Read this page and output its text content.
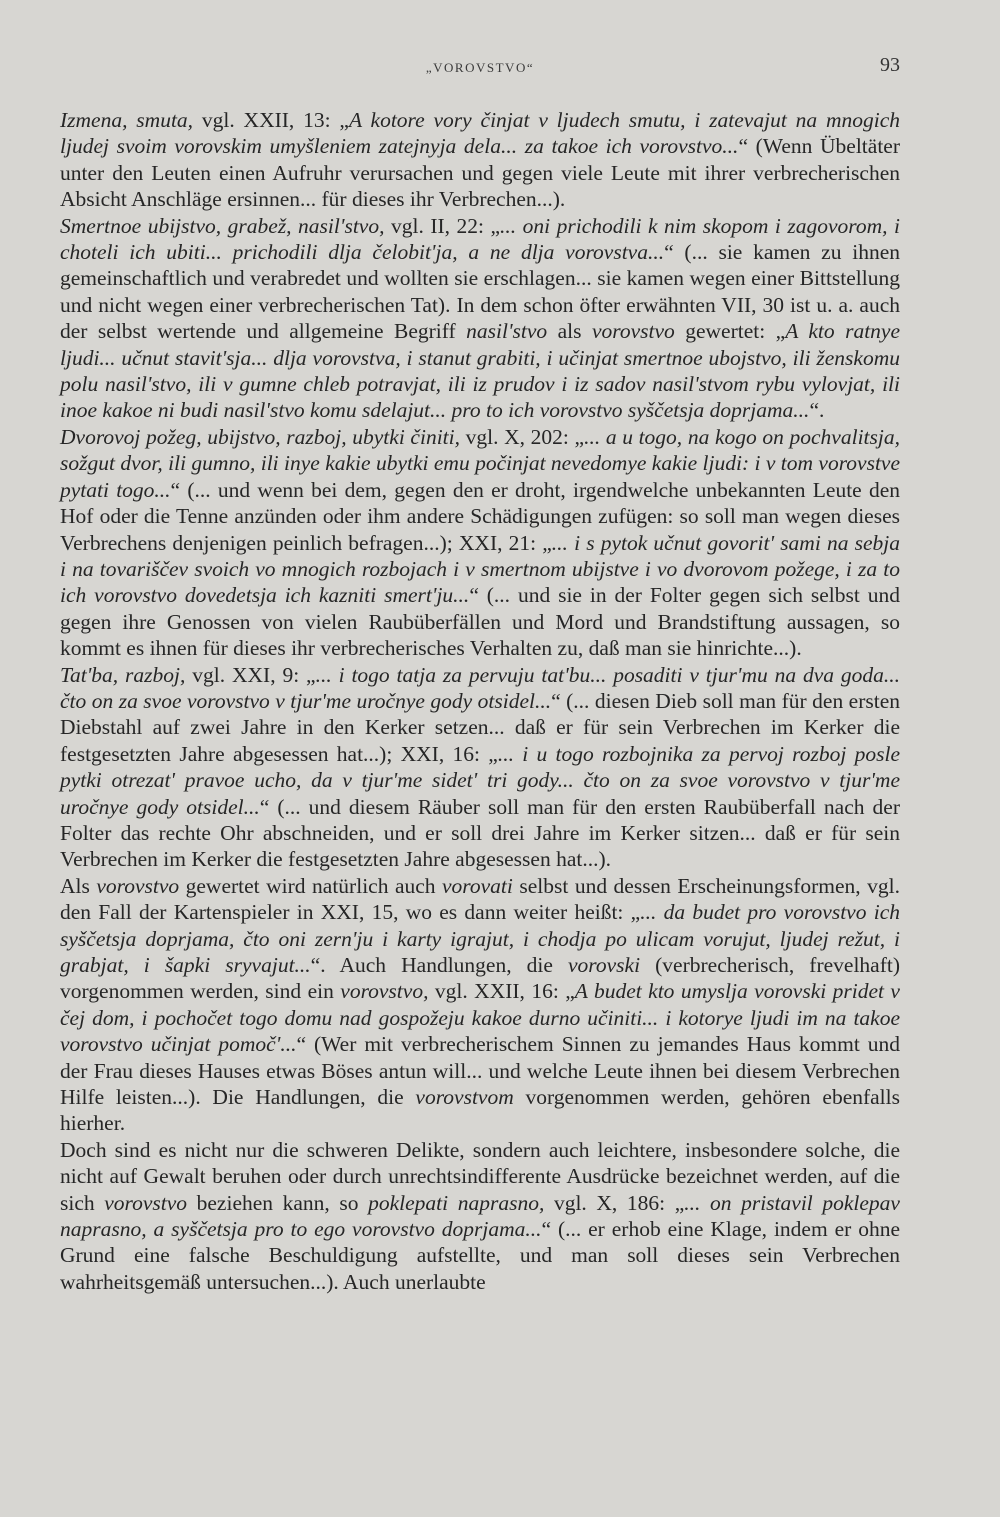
„VOROVSTVO“	93

Izmena, smuta, vgl. XXII, 13: „A kotore vory činjat v ljudech smutu, i zatevajut na mnogich ljudej svoim vorovskim umyšleniem zatejnyja dela... za takoe ich vorovstvo...“ (Wenn Übeltäter unter den Leuten einen Aufruhr verursachen und gegen viele Leute mit ihrer verbrecherischen Absicht Anschläge ersinnen... für dieses ihr Verbrechen...).

Smertnoe ubijstvo, grabež, nasil'stvo, vgl. II, 22: „... oni prichodili k nim skopom i zagovorom, i choteli ich ubiti... prichodili dlja čelobit'ja, a ne dlja vorovstva...“ (... sie kamen zu ihnen gemeinschaftlich und verabredet und wollten sie erschlagen... sie kamen wegen einer Bittstellung und nicht wegen einer verbrecherischen Tat). In dem schon öfter erwähnten VII, 30 ist u. a. auch der selbst wertende und allgemeine Begriff nasil'stvo als vorovstvo gewertet: „A kto ratnye ljudi... učnut stavit'sja... dlja vorovstva, i stanut grabiti, i učinjat smertnoe ubojstvo, ili ženskomu polu nasil'stvo, ili v gumne chleb potravjat, ili iz prudov i iz sadov nasil'stvom rybu vylovjat, ili inoe kakoe ni budi nasil'stvo komu sdelajut... pro to ich vorovstvo syščetsja doprjama...“.

Dvorovoj požeg, ubijstvo, razboj, ubytki činiti, vgl. X, 202: „... a u togo, na kogo on pochvalitsja, sožgut dvor, ili gumno, ili inye kakie ubytki emu počinjat nevedomye kakie ljudi: i v tom vorovstve pytati togo...“ (... und wenn bei dem, gegen den er droht, irgendwelche unbekannten Leute den Hof oder die Tenne anzünden oder ihm andere Schädigungen zufügen: so soll man wegen dieses Verbrechens denjenigen peinlich befragen...); XXI, 21: „... i s pytok učnut govorit' sami na sebja i na tovariščev svoich vo mnogich rozbojach i v smertnom ubijstve i vo dvorovom požege, i za to ich vorovstvo dovedetsja ich kazniti smert'ju...“ (... und sie in der Folter gegen sich selbst und gegen ihre Genossen von vielen Raubüberfällen und Mord und Brandstiftung aussagen, so kommt es ihnen für dieses ihr verbrecherisches Verhalten zu, daß man sie hinrichte...).

Tat'ba, razboj, vgl. XXI, 9: „... i togo tatja za pervuju tat'bu... posaditi v tjur'mu na dva goda... čto on za svoe vorovstvo v tjur'me uročnye gody otsidel...“ (... diesen Dieb soll man für den ersten Diebstahl auf zwei Jahre in den Kerker setzen... daß er für sein Verbrechen im Kerker die festgesetzten Jahre abgesessen hat...); XXI, 16: „... i u togo rozbojnika za pervoj rozboj posle pytki otrezat' pravoe ucho, da v tjur'me sidet' tri gody... čto on za svoe vorovstvo v tjur'me uročnye gody otsidel...“ (... und diesem Räuber soll man für den ersten Raubüberfall nach der Folter das rechte Ohr abschneiden, und er soll drei Jahre im Kerker sitzen... daß er für sein Verbrechen im Kerker die festgesetzten Jahre abgesessen hat...).

Als vorovstvo gewertet wird natürlich auch vorovati selbst und dessen Erscheinungsformen, vgl. den Fall der Kartenspieler in XXI, 15, wo es dann weiter heißt: „... da budet pro vorovstvo ich syščetsja doprjama, čto oni zern'ju i karty igrajut, i chodja po ulicam vorujut, ljudej režut, i grabjat, i šapki sryvajut...“. Auch Handlungen, die vorovski (verbrecherisch, frevelhaft) vorgenommen werden, sind ein vorovstvo, vgl. XXII, 16: „A budet kto umyslja vorovski pridet v čej dom, i pochočet togo domu nad gospožeju kakoe durno učiniti... i kotorye ljudi im na takoe vorovstvo učinjat pomoč'...“ (Wer mit verbrecherischem Sinnen zu jemandes Haus kommt und der Frau dieses Hauses etwas Böses antun will... und welche Leute ihnen bei diesem Verbrechen Hilfe leisten...). Die Handlungen, die vorovstvom vorgenommen werden, gehören ebenfalls hierher.

Doch sind es nicht nur die schweren Delikte, sondern auch leichtere, insbesondere solche, die nicht auf Gewalt beruhen oder durch unrechtsindifferente Ausdrücke bezeichnet werden, auf die sich vorovstvo beziehen kann, so poklepati naprasno, vgl. X, 186: „... on pristavil poklepav naprasno, a syščetsja pro to ego vorovstvo doprjama...“ (... er erhob eine Klage, indem er ohne Grund eine falsche Beschuldigung aufstellte, und man soll dieses sein Verbrechen wahrheitsgemäß untersuchen...). Auch unerlaubte
